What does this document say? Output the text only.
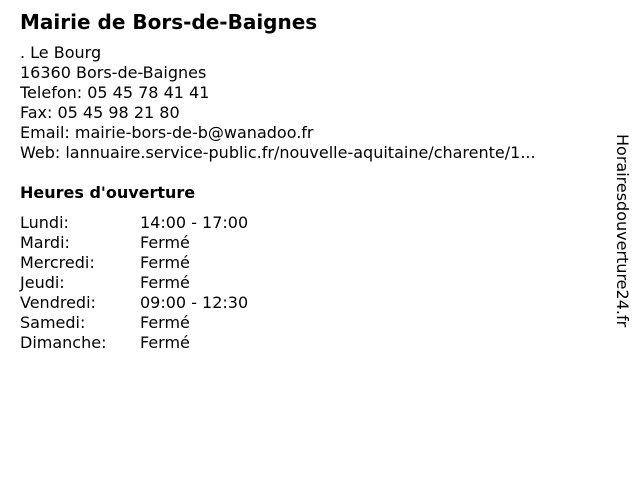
Mairie de Bors-de-Baignes
. Le Bourg
16360 Bors-de-Baignes
Telefon: 05 45 78 41 41
Fax: 05 45 98 21 80
Email: mairie-bors-de-b@wanadoo.fr
Web: lannuaire.service-public.fr/nouvelle-aquitaine/charente/1...
Heures d'ouverture
Lundi:	14:00 - 17:00
Mardi:	Fermé
Mercredi:	Fermé
Jeudi:	Fermé
Vendredi:	09:00 - 12:30
Samedi:	Fermé
Dimanche: Fermé
Horairesdouverture24.fr
